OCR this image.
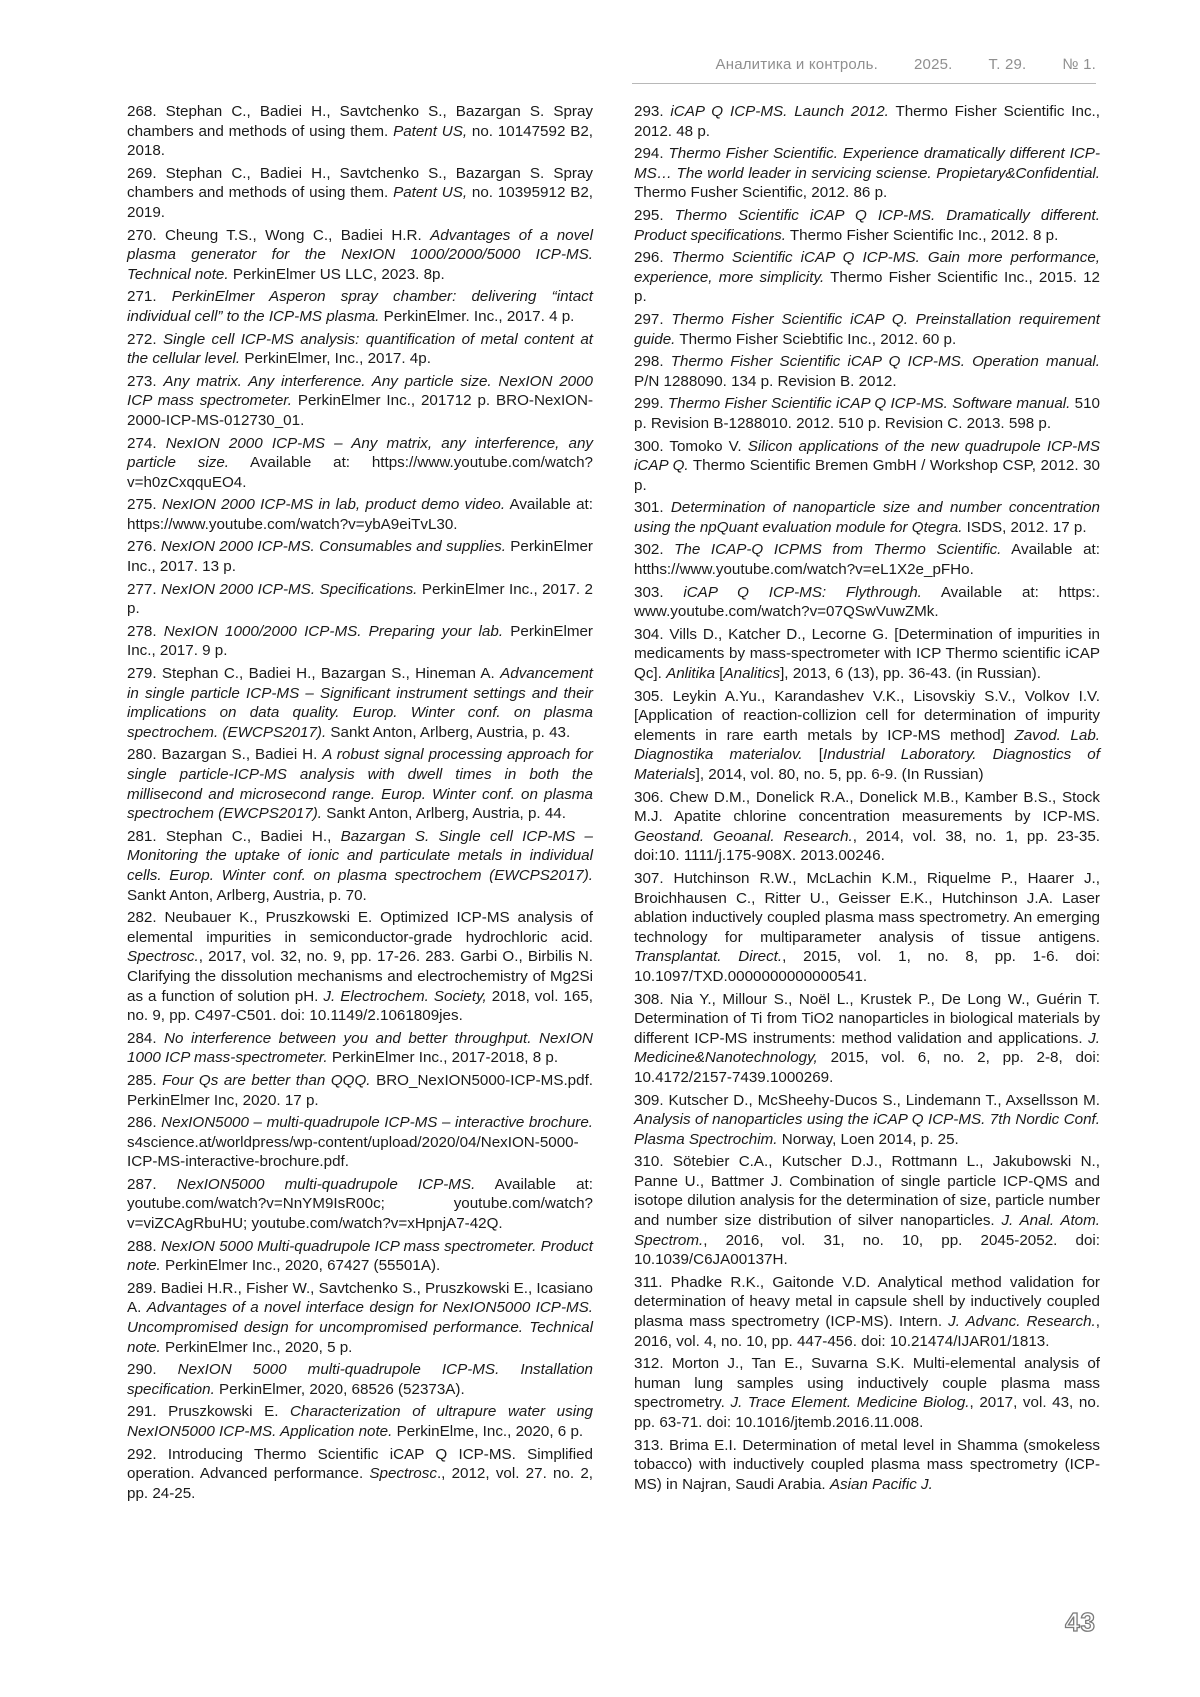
Аналитика и контроль. 2025. Т. 29. № 1.

268. Stephan C., Badiei H., Savtchenko S., Bazargan S. Spray chambers and methods of using them. Patent US, no. 10147592 B2, 2018.

269. Stephan C., Badiei H., Savtchenko S., Bazargan S. Spray chambers and methods of using them. Patent US, no. 10395912 B2, 2019.

270. Cheung T.S., Wong C., Badiei H.R. Advantages of a novel plasma generator for the NexION 1000/2000/5000 ICP-MS. Technical note. PerkinElmer US LLC, 2023. 8p.

271. PerkinElmer Asperon spray chamber: delivering “intact individual cell” to the ICP-MS plasma. PerkinElmer. Inc., 2017. 4 p.

272. Single cell ICP-MS analysis: quantification of metal content at the cellular level. PerkinElmer, Inc., 2017. 4p.

273. Any matrix. Any interference. Any particle size. NexION 2000 ICP mass spectrometer. PerkinElmer Inc., 201712 p. BRO-NexION-2000-ICP-MS-012730_01.

274. NexION 2000 ICP-MS – Any matrix, any interference, any particle size. Available at: https://www.youtube.com/watch?v=h0zCxqquEO4.

275. NexION 2000 ICP-MS in lab, product demo video. Available at: https://www.youtube.com/watch?v=ybA9eiTvL30.

276. NexION 2000 ICP-MS. Consumables and supplies. PerkinElmer Inc., 2017. 13 p.

277. NexION 2000 ICP-MS. Specifications. PerkinElmer Inc., 2017. 2 p.

278. NexION 1000/2000 ICP-MS. Preparing your lab. PerkinElmer Inc., 2017. 9 p.

279. Stephan C., Badiei H., Bazargan S., Hineman A. Advancement in single particle ICP-MS – Significant instrument settings and their implications on data quality. Europ. Winter conf. on plasma spectrochem. (EWCPS2017). Sankt Anton, Arlberg, Austria, p. 43.

280. Bazargan S., Badiei H. A robust signal processing approach for single particle-ICP-MS analysis with dwell times in both the millisecond and microsecond range. Europ. Winter conf. on plasma spectrochem (EWCPS2017). Sankt Anton, Arlberg, Austria, p. 44.

281. Stephan C., Badiei H., Bazargan S. Single cell ICP-MS – Monitoring the uptake of ionic and particulate metals in individual cells. Europ. Winter conf. on plasma spectrochem (EWCPS2017). Sankt Anton, Arlberg, Austria, p. 70.

282. Neubauer K., Pruszkowski E. Optimized ICP-MS analysis of elemental impurities in semiconductor-grade hydrochloric acid. Spectrosc., 2017, vol. 32, no. 9, pp. 17-26. 283. Garbi O., Birbilis N. Clarifying the dissolution mechanisms and electrochemistry of Mg2Si as a function of solution pH. J. Electrochem. Society, 2018, vol. 165, no. 9, pp. C497-C501. doi: 10.1149/2.1061809jes.

284. No interference between you and better throughput. NexION 1000 ICP mass-spectrometer. PerkinElmer Inc., 2017-2018, 8 p.

285. Four Qs are better than QQQ. BRO_NexION5000-ICP-MS.pdf. PerkinElmer Inc, 2020. 17 p.

286. NexION5000 – multi-quadrupole ICP-MS – interactive brochure. s4science.at/worldpress/wp-content/upload/2020/04/NexION-5000-ICP-MS-interactive-brochure.pdf.

287. NexION5000 multi-quadrupole ICP-MS. Available at: youtube.com/watch?v=NnYM9IsR00c; youtube.com/watch?v=viZCAgRbuHU; youtube.com/watch?v=xHpnjA7-42Q.

288. NexION 5000 Multi-quadrupole ICP mass spectrometer. Product note. PerkinElmer Inc., 2020, 67427 (55501A).

289. Badiei H.R., Fisher W., Savtchenko S., Pruszkowski E., Icasiano A. Advantages of a novel interface design for NexION5000 ICP-MS. Uncompromised design for uncompromised performance. Technical note. PerkinElmer Inc., 2020, 5 p.

290. NexION 5000 multi-quadrupole ICP-MS. Installation specification. PerkinElmer, 2020, 68526 (52373A).

291. Pruszkowski E. Characterization of ultrapure water using NexION5000 ICP-MS. Application note. PerkinElme, Inc., 2020, 6 p.

292. Introducing Thermo Scientific iCAP Q ICP-MS. Simplified operation. Advanced performance. Spectrosc., 2012, vol. 27. no. 2, pp. 24-25.

293. iCAP Q ICP-MS. Launch 2012. Thermo Fisher Scientific Inc., 2012. 48 p.

294. Thermo Fisher Scientific. Experience dramatically different ICP-MS… The world leader in servicing sciense. Propietary&Confidential. Thermo Fusher Scientific, 2012. 86 p.

295. Thermo Scientific iCAP Q ICP-MS. Dramatically different. Product specifications. Thermo Fisher Scientific Inc., 2012. 8 p.

296. Thermo Scientific iCAP Q ICP-MS. Gain more performance, experience, more simplicity. Thermo Fisher Scientific Inc., 2015. 12 p.

297. Thermo Fisher Scientific iCAP Q. Preinstallation requirement guide. Thermo Fisher Sciebtific Inc., 2012. 60 p.

298. Thermo Fisher Scientific iCAP Q ICP-MS. Operation manual. P/N 1288090. 134 p. Revision B. 2012.

299. Thermo Fisher Scientific iCAP Q ICP-MS. Software manual. 510 p. Revision B-1288010. 2012. 510 p. Revision C. 2013. 598 p.

300. Tomoko V. Silicon applications of the new quadrupole ICP-MS iCAP Q. Thermo Scientific Bremen GmbH / Workshop CSP, 2012. 30 p.

301. Determination of nanoparticle size and number concentration using the npQuant evaluation module for Qtegra. ISDS, 2012. 17 p.

302. The ICAP-Q ICPMS from Thermo Scientific. Available at: htths://www.youtube.com/watch?v=eL1X2e_pFHo.

303. iCAP Q ICP-MS: Flythrough. Available at: https:. www.youtube.com/watch?v=07QSwVuwZMk.

304. Vills D., Katcher D., Lecorne G. [Determination of impurities in medicaments by mass-spectrometer with ICP Thermo scientific iCAP Qc]. Anlitika [Analitics], 2013, 6 (13), pp. 36-43. (in Russian).

305. Leykin A.Yu., Karandashev V.K., Lisovskiy S.V., Volkov I.V. [Application of reaction-collizion cell for determination of impurity elements in rare earth metals by ICP-MS method] Zavod. Lab. Diagnostika materialov. [Industrial Laboratory. Diagnostics of Materials], 2014, vol. 80, no. 5, pp. 6-9. (In Russian)

306. Chew D.M., Donelick R.A., Donelick M.B., Kamber B.S., Stock M.J. Apatite chlorine concentration measurements by ICP-MS. Geostand. Geoanal. Research., 2014, vol. 38, no. 1, pp. 23-35. doi:10. 1111/j.175-908X. 2013.00246.

307. Hutchinson R.W., McLachin K.M., Riquelme P., Haarer J., Broichhausen C., Ritter U., Geisser E.K., Hutchinson J.A. Laser ablation inductively coupled plasma mass spectrometry. An emerging technology for multiparameter analysis of tissue antigens. Transplantat. Direct., 2015, vol. 1, no. 8, pp. 1-6. doi: 10.1097/TXD.0000000000000541.

308. Nia Y., Millour S., Noël L., Krustek P., De Long W., Guérin T. Determination of Ti from TiO2 nanoparticles in biological materials by different ICP-MS instruments: method validation and applications. J. Medicine&Nanotechnology, 2015, vol. 6, no. 2, pp. 2-8, doi: 10.4172/2157-7439.1000269.

309. Kutscher D., McSheehy-Ducos S., Lindemann T., Axsellsson M. Analysis of nanoparticles using the iCAP Q ICP-MS. 7th Nordic Conf. Plasma Spectrochim. Norway, Loen 2014, p. 25.

310. Sötebier C.A., Kutscher D.J., Rottmann L., Jakubowski N., Panne U., Battmer J. Combination of single particle ICP-QMS and isotope dilution analysis for the determination of size, particle number and number size distribution of silver nanoparticles. J. Anal. Atom. Spectrom., 2016, vol. 31, no. 10, pp. 2045-2052. doi: 10.1039/C6JA00137H.

311. Phadke R.K., Gaitonde V.D. Analytical method validation for determination of heavy metal in capsule shell by inductively coupled plasma mass spectrometry (ICP-MS). Intern. J. Advanc. Research., 2016, vol. 4, no. 10, pp. 447-456. doi: 10.21474/IJAR01/1813.

312. Morton J., Tan E., Suvarna S.K. Multi-elemental analysis of human lung samples using inductively couple plasma mass spectrometry. J. Trace Element. Medicine Biolog., 2017, vol. 43, no. pp. 63-71. doi: 10.1016/jtemb.2016.11.008.

313. Brima E.I. Determination of metal level in Shamma (smokeless tobacco) with inductively coupled plasma mass spectrometry (ICP-MS) in Najran, Saudi Arabia. Asian Pacific J.

43
